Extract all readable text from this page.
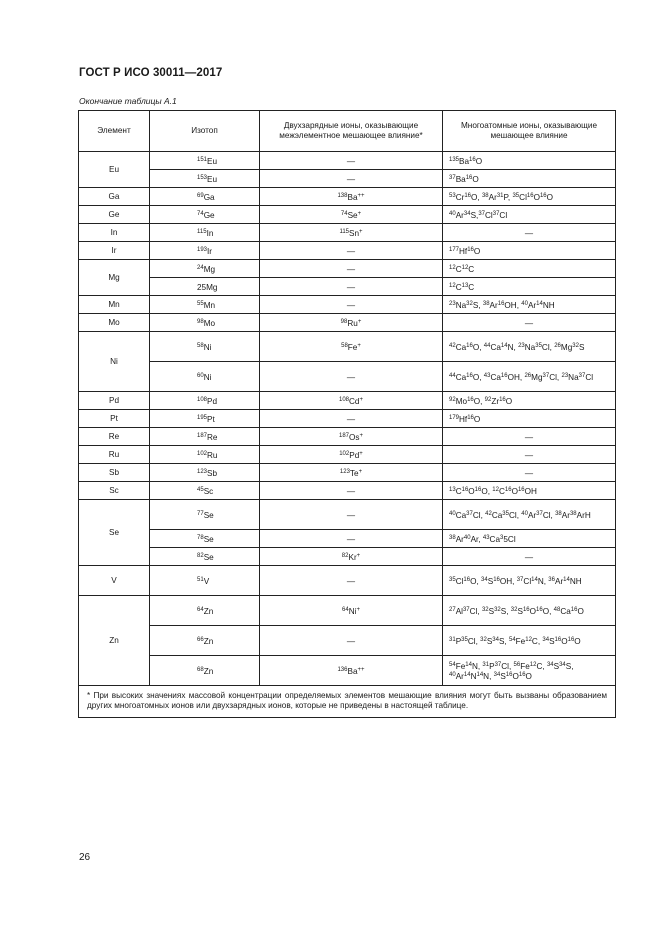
ГОСТ Р ИСО 30011—2017
Окончание таблицы А.1
Элемент	Изотоп	Двухзарядные ионы, оказывающие межэлементное мешающее влияние*	Многоатомные ионы, оказывающие мешающее влияние
Eu	$^{151}$Eu	—	$^{135}$Ba$^{16}$O
	$^{153}$Eu	—	$^{37}$Ba$^{16}$O
Ga	$^{69}$Ga	$^{138}$Ba++	$^{53}$Cr$^{16}$O, $^{38}$Ar$^{31}$P, $^{35}Cl^{16}O^{16}O$
Ge	$^{74}$Ge	$^{74}$Se+	$^{40}$Ar$^{34}$S,$^{37}$Cl$^{37}$Cl
In	$^{115}$In	$^{115}$Sn+	—
Ir	$^{193}$Ir	—	$^{177}$Hf$^{16}$O
Mg	$^{24}$Mg	—	$^{12}C^{12}C$
	25Mg	—	$^{12}C^{13}C$
Mn	$^{55}$Mn	—	$^{23}$Na$^{32}$S, $^{38}$Ar$^{16}$OH, $^{40}$Ar$^{14}$NH
Mo	$^{98}$Mo	$^{98}$Ru+	—
Ni	$^{58}$Ni	$^{58}$Fe+	$^{42}$Ca$^{16}$O, $^{44}$Ca$^{14}$N, $^{23}$Na$^{35}$Cl, $^{26}$Mg$^{32}$S
	$^{60}$Ni	—	$^{44}$Ca$^{16}$O, $^{43}$Ca$^{16}$OH, $^{26}$Mg$^{37}$Cl, $^{23}$Na$^{37}$Cl
Pd	$^{108}$Pd	$^{108}$Cd+	$^{92}$Mo$^{16}$O, $^{92}$Zr$^{16}$O
Pt	$^{195}$Pt	—	$^{179}$Hf$^{16}$O
Re	$^{187}$Re	$^{187}$Os+	—
Ru	$^{102}$Ru	$^{102}$Pd+	—
Sb	$^{123}$Sb	$^{123}$Te+	—
Sc	$^{45}$Sc	—	$^{13}C^{16}O^{16}O$, $^{12}C^{16}O^{16}OH$
Se	$^{77}$Se	—	$^{40}$Ca$^{37}$Cl, $^{42}$Ca$^{35}$Cl, $^{40}$Ar$^{37}$Cl, $^{38}$Ar$^{38}$ArH
	$^{78}$Se	—	$^{38}$Ar$^{40}$Ar, $^{43}$Ca$^3$5Cl
	$^{82}$Se	$^{82}$Kr+	—
V	$^{51}$V	—	$^{35}$Cl$^{16}$O, $^{34}S^{16}OH$, $^{37}$Cl$^{14}$N, $^{36}$Ar$^{14}$NH
Zn	$^{64}$Zn	$^{64}$Ni+	$^{27}$Al$^{37}$Cl, $^{32}S^{32}S$, $^{32}S^{16}O^{16}O$, $^{48}$Ca$^{16}$O
	$^{66}$Zn	—	$^{31}P^{35}Cl$, $^{32}S^{34}S$, $^{54}$Fe$^{12}$C, $^{34}S^{16}O^{16}O$
	$^{68}$Zn	$^{136}$Ba++	$^{54}$Fe$^{14}$N, $^{31}P^{37}Cl$, $^{56}$Fe$^{12}$C, $^{34}S^{34}S$, $^{40}Ar^{14}N^{14}N$, $^{34}S^{16}O^{16}O$
* При высоких значениях массовой концентрации определяемых элементов мешающие влияния могут быть вызваны образованием других многоатомных ионов или двухзарядных ионов, которые не приведены в настоящей таблице.			
26
